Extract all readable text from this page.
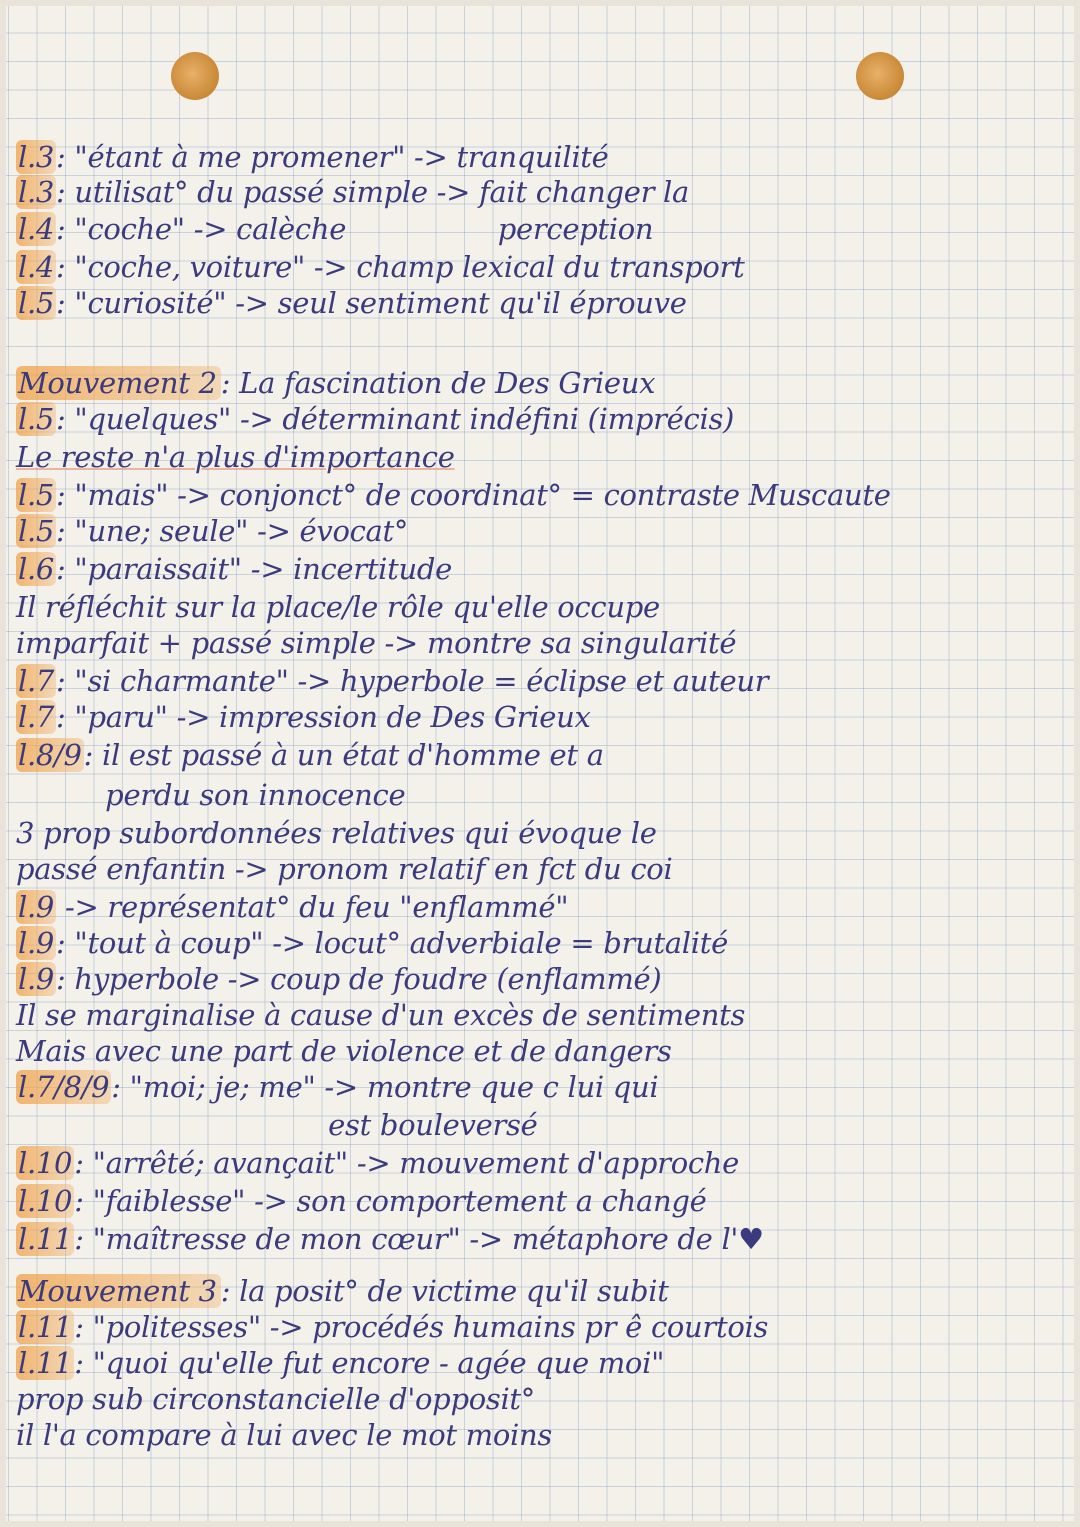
l.3: "étant à me promener" -> tranquilité
l.3: utilisat° du passé simple -> fait changer la
l.4: "coche" -> calèche                 perception
l.4: "coche, voiture" -> champ lexical du transport
l.5: "curiosité" -> seul sentiment qu'il éprouve
Mouvement 2 : La fascination de Des Grieux
l.5: "quelques" -> déterminant indéfini (imprécis)
Le reste n'a plus d'importance
l.5: "mais" -> conjonct° de coordinat° = contraste Muscaute
l.5: "une; seule" -> évocat°
l.6: "paraissait" -> incertitude
Il réfléchit sur la place/le rôle qu'elle occupe
imparfait + passé simple -> montre sa singularité
l.7: "si charmante" -> hyperbole = éclipse et auteur
l.7: "paru" -> impression de Des Grieux
l.8/9: il est passé à un état d'homme et a
perdu son innocence
3 prop subordonnées relatives qui évoque le
passé enfantin -> pronom relatif en fct du coi
l.9 -> représentat° du feu "enflammé"
l.9: "tout à coup" -> locut° adverbiale = brutalité
l.9: hyperbole -> coup de foudre (enflammé)
Il se marginalise à cause d'un excès de sentiments
Mais avec une part de violence et de dangers
l.7/8/9: "moi; je; me" -> montre que c lui qui
est bouleversé
l.10: "arrêté; avançait" -> mouvement d'approche
l.10: "faiblesse" -> son comportement a changé
l.11: "maîtresse de mon cœur" -> métaphore de l'♥
Mouvement 3 : la posit° de victime qu'il subit
l.11: "politesses" -> procédés humains pr ê courtois
l.11: "quoi qu'elle fut encore - agée que moi"
prop sub circonstancielle d'opposit°
il l'a compare à lui avec le mot moins
